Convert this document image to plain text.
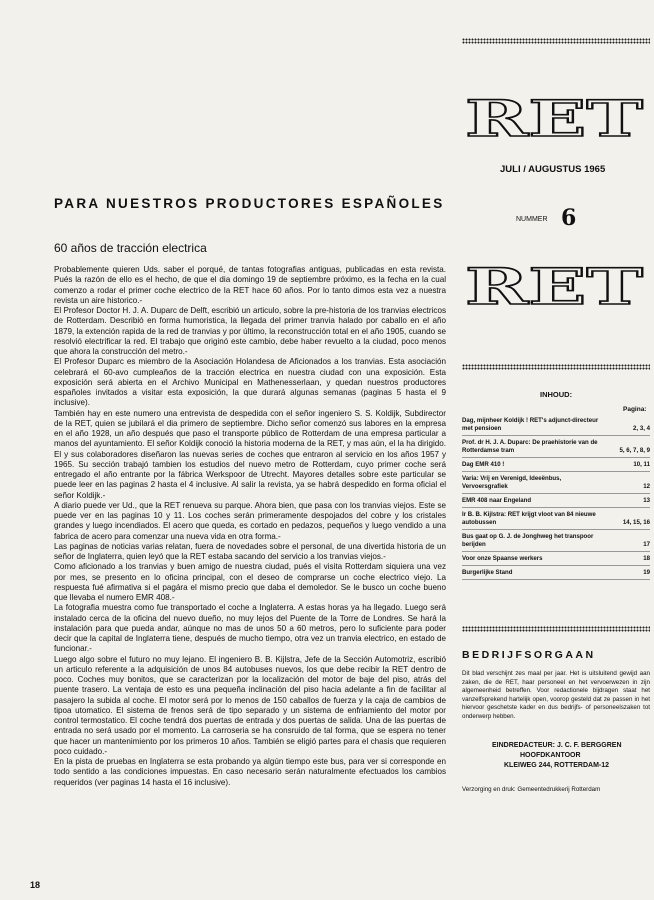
PARA NUESTROS PRODUCTORES ESPAÑOLES
60 años de tracción electrica

Probablemente quieren Uds. saber el porqué, de tantas fotografias antiguas, publicadas en esta revista. Pués la razón de ello es el hecho, de que el dia domingo 19 de septiembre próximo, es la fecha en la cual comenzo a rodar el primer coche electrico de la RET hace 60 años. Por lo tanto dimos esta vez a nuestra revista un aire historico.-

El Profesor Doctor H. J. A. Duparc de Delft, escribió un articulo, sobre la pre-historia de los tranvias electricos de Rotterdam. Describió en forma humoristica, la llegada del primer tranvia halado por caballo en el año 1879, la extención rapida de la red de tranvias y por último, la reconstrucción total en el año 1905, cuando se resolvió electrificar la red. El trabajo que originó este cambio, debe haber revuelto a la ciudad, poco menos que ahora la construcción del metro.-

El Profesor Duparc es miembro de la Asociación Holandesa de Aficionados a los tranvias. Esta asociación celebrará el 60-avo cumpleaños de la tracción electrica en nuestra ciudad con una exposición. Esta exposición será abierta en el Archivo Municipal en Mathenesserlaan, y quedan nuestros productores españoles invitados a visitar esta exposición, la que durará algunas semanas (paginas 5 hasta el 9 inclusive).

También hay en este numero una entrevista de despedida con el señor ingeniero S. S. Koldijk, Subdirector de la RET, quien se jubilará el dia primero de septiembre. Dicho señor comenzó sus labores en la empresa en el año 1928, un año después que paso el transporte público de Rotterdam de una empresa particular a manos del ayuntamiento. El señor Koldijk conoció la historia moderna de la RET, y mas aún, el la ha dirigido. El y sus colaboradores diseñaron las nuevas series de coches que entraron al servicio en los años 1957 y 1965. Su sección trabajó tambien los estudios del nuevo metro de Rotterdam, cuyo primer coche será entregado el año entrante por la fábrica Werkspoor de Utrecht. Mayores detalles sobre este particular se puede leer en las paginas 2 hasta el 4 inclusive. Al salir la revista, ya se habrá despedido en forma oficial el señor Koldijk.-

A diario puede ver Ud., que la RET renueva su parque. Ahora bien, que pasa con los tranvias viejos. Este se puede ver en las paginas 10 y 11. Los coches serán primeramente despojados del cobre y los cristales grandes y luego incendiados. El acero que queda, es cortado en pedazos, pequeños y luego vendido a una fabrica de acero para comenzar una nueva vida en otra forma.-

Las paginas de noticias varias relatan, fuera de novedades sobre el personal, de una divertida historia de un señor de Inglaterra, quien leyó que la RET estaba sacando del servicio a los tranvias viejos.-

Como aficionado a los tranvias y buen amigo de nuestra ciudad, pués el visita Rotterdam siquiera una vez por mes, se presento en lo oficina principal, con el deseo de comprarse un coche electrico viejo. La respuesta fué afirmativa si el pagára el mismo precio que daba el demoledor. Se le busco un coche bueno que llevaba el numero EMR 408.-

La fotografia muestra como fue transportado el coche a Inglaterra. A estas horas ya ha llegado. Luego será instalado cerca de la oficina del nuevo dueño, no muy lejos del Puente de la Torre de Londres. Se hará la instalación para que pueda andar, aúnque no mas de unos 50 a 60 metros, pero lo suficiente para poder decir que la capital de Inglaterra tiene, después de mucho tiempo, otra vez un tranvia electrico, en estado de funcionar.-

Luego algo sobre el futuro no muy lejano. El ingeniero B. B. Kijlstra, Jefe de la Sección Automotriz, escribió un articulo referente a la adquisición de unos 84 autobuses nuevos, los que debe recibir la RET dentro de poco. Coches muy bonitos, que se caracterizan por la localización del motor de baje del piso, atrás del puente trasero. La ventaja de esto es una pequeña inclinación del piso hacia adelante a fin de facilitar al pasajero la subida al coche. El motor será por lo menos de 150 caballos de fuerza y la caja de cambios de tipoa utomatico. El sistema de frenos será de tipo separado y un sistema de enfriamiento del motor por control termostatico. El coche tendrá dos puertas de entrada y dos puertas de salida. Una de las puertas de entrada no será usado por el momento. La carroseria se ha consruido de tal forma, que se espera no tener que hacer un mantenimiento por los primeros 10 años. También se eligió partes para el chasis que requieren poco cuidado.-

En la pista de pruebas en Inglaterra se esta probando ya algún tiempo este bus, para ver si corresponde en todo sentido a las condiciones impuestas. En caso necesario serán naturalmente efectuados los cambios requeridos (ver paginas 14 hasta el 16 inclusive).

18
RET
JULI / AUGUSTUS 1965
NUMMER 6
RET
INHOUD:
Pagina:
Dag, mijnheer Koldijk ! RET's adjunct-directeur met pensioen	2, 3, 4
Prof. dr H. J. A. Duparc: De praehistorie van de Rotterdamse tram	5, 6, 7, 8, 9
Dag EMR 410 !	10, 11
Varia: Vrij en Verenigd, Ideeënbus, Vervoersgrafiek	12
EMR 408 naar Engeland	13
Ir B. B. Kijlstra: RET krijgt vloot van 84 nieuwe autobussen	14, 15, 16
Bus gaat op G. J. de Jonghweg het transpoor berijden	17
Voor onze Spaanse werkers	18
Burgerlijke Stand	19
BEDRIJFSORGAAN
Dit blad verschijnt zes maal per jaar. Het is uitsluitend gewijd aan zaken, die de RET, haar personeel en het vervoerwezen in zijn algemeenheid betreffen. Voor redactionele bijdragen staat het vanzelfsprekend hartelijk open, voorop gesteld dat ze passen in het hiervoor geschetste kader en dus bedrijfs- of personeelszaken tot onderwerp hebben.
EINDREDACTEUR: J. C. F. BERGGREN
HOOFDKANTOOR
KLEIWEG 244, ROTTERDAM-12
Verzorging en druk: Gemeentedrukkerij Rotterdam
